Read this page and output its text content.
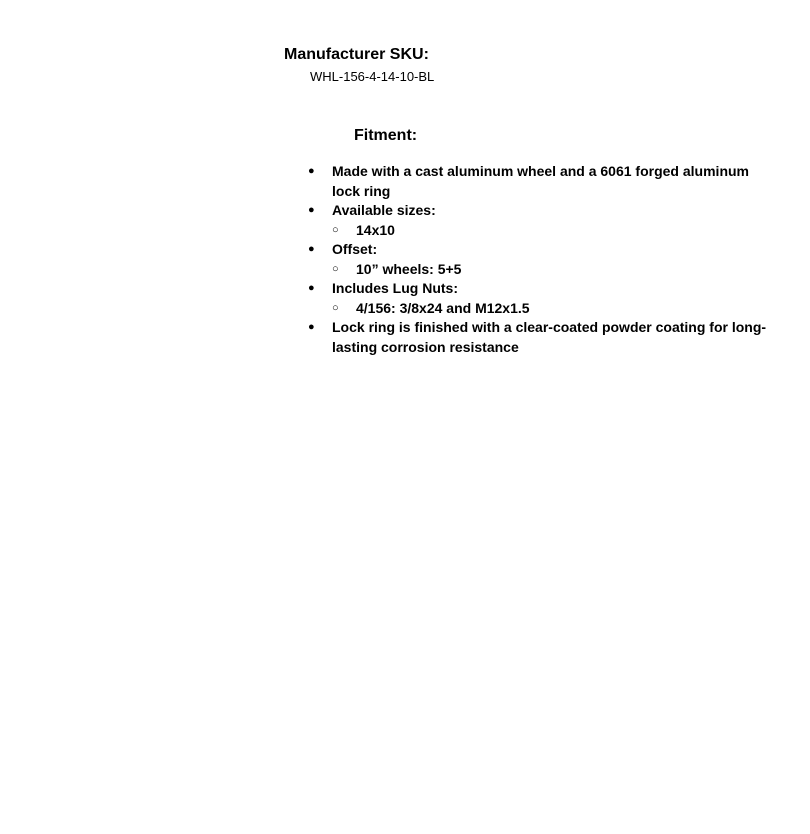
Manufacturer SKU:
WHL-156-4-14-10-BL
Fitment:
●	Made with a cast aluminum wheel and a 6061 forged aluminum lock ring
●	Available sizes:
○	14x10
●	Offset:
○	10” wheels: 5+5
●	Includes Lug Nuts:
○	4/156: 3/8x24 and M12x1.5
●	Lock ring is finished with a clear-coated powder coating for long-lasting corrosion resistance
